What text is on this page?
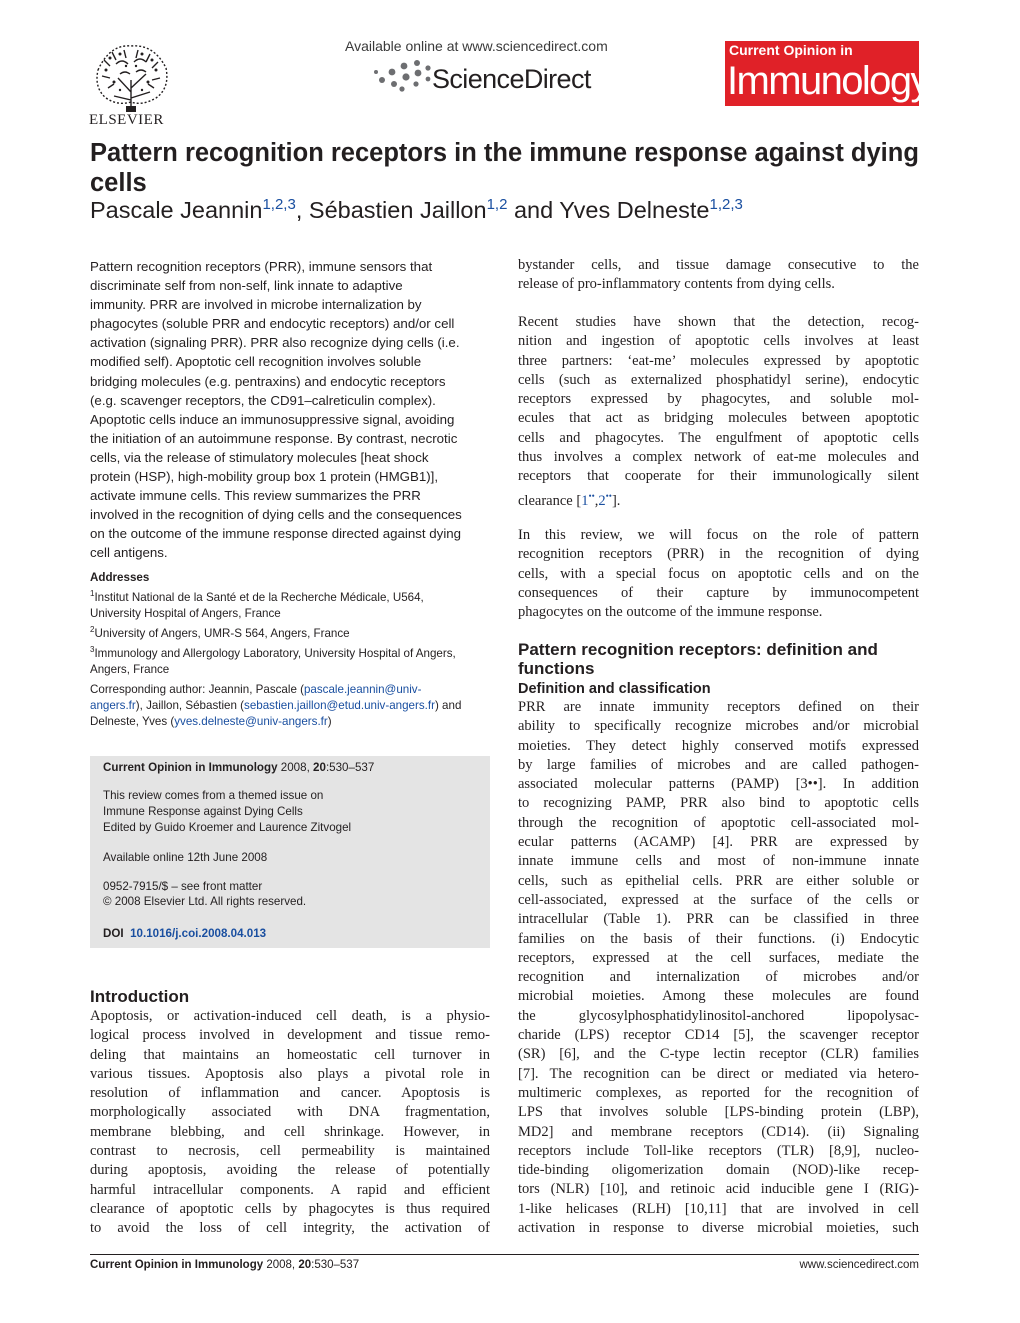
ELSEVIER
Available online at www.sciencedirect.com
ScienceDirect
Current Opinion in
Immunology
Pattern recognition receptors in the immune response against dying cells
Pascale Jeannin$^{1,2,3}$, Sébastien Jaillon$^{1,2}$ and Yves Delneste$^{1,2,3}$
Pattern recognition receptors (PRR), immune sensors that
discriminate self from non-self, link innate to adaptive
immunity. PRR are involved in microbe internalization by
phagocytes (soluble PRR and endocytic receptors) and/or cell
activation (signaling PRR). PRR also recognize dying cells (i.e.
modified self). Apoptotic cell recognition involves soluble
bridging molecules (e.g. pentraxins) and endocytic receptors
(e.g. scavenger receptors, the CD91–calreticulin complex).
Apoptotic cells induce an immunosuppressive signal, avoiding
the initiation of an autoimmune response. By contrast, necrotic
cells, via the release of stimulatory molecules [heat shock
protein (HSP), high-mobility group box 1 protein (HMGB1)],
activate immune cells. This review summarizes the PRR
involved in the recognition of dying cells and the consequences
on the outcome of the immune response directed against dying
cell antigens.
Addresses
$^1$Institut National de la Santé et de la Recherche Médicale, U564,
University Hospital of Angers, France
$^2$University of Angers, UMR-S 564, Angers, France
$^3$Immunology and Allergology Laboratory, University Hospital of Angers,
Angers, France
Corresponding author: Jeannin, Pascale (pascale.jeannin@univ-
angers.fr), Jaillon, Sébastien (sebastien.jaillon@etud.univ-angers.fr) and
Delneste, Yves (yves.delneste@univ-angers.fr)
Current Opinion in Immunology 2008, 20:530–537
This review comes from a themed issue on
Immune Response against Dying Cells
Edited by Guido Kroemer and Laurence Zitvogel
Available online 12th June 2008
0952-7915/$ – see front matter
© 2008 Elsevier Ltd. All rights reserved.
DOI 10.1016/j.coi.2008.04.013
Introduction
Apoptosis, or activation-induced cell death, is a physio-
logical process involved in development and tissue remo-
deling that maintains an homeostatic cell turnover in
various tissues. Apoptosis also plays a pivotal role in
resolution of inflammation and cancer. Apoptosis is
morphologically associated with DNA fragmentation,
membrane blebbing, and cell shrinkage. However, in
contrast to necrosis, cell permeability is maintained
during apoptosis, avoiding the release of potentially
harmful intracellular components. A rapid and efficient
clearance of apoptotic cells by phagocytes is thus required
to avoid the loss of cell integrity, the activation of
bystander cells, and tissue damage consecutive to the
release of pro-inflammatory contents from dying cells.
Recent studies have shown that the detection, recog-
nition and ingestion of apoptotic cells involves at least
three partners: ‘eat-me’ molecules expressed by apoptotic
cells (such as externalized phosphatidyl serine), endocytic
receptors expressed by phagocytes, and soluble mol-
ecules that act as bridging molecules between apoptotic
cells and phagocytes. The engulfment of apoptotic cells
thus involves a complex network of eat-me molecules and
receptors that cooperate for their immunologically silent
clearance [1••,2••].
In this review, we will focus on the role of pattern
recognition receptors (PRR) in the recognition of dying
cells, with a special focus on apoptotic cells and on the
consequences of their capture by immunocompetent
phagocytes on the outcome of the immune response.
Pattern recognition receptors: definition and functions
Definition and classification
PRR are innate immunity receptors defined on their
ability to specifically recognize microbes and/or microbial
moieties. They detect highly conserved motifs expressed
by large families of microbes and are called pathogen-
associated molecular patterns (PAMP) [3••]. In addition
to recognizing PAMP, PRR also bind to apoptotic cells
through the recognition of apoptotic cell-associated mol-
ecular patterns (ACAMP) [4]. PRR are expressed by
innate immune cells and most of non-immune innate
cells, such as epithelial cells. PRR are either soluble or
cell-associated, expressed at the surface of the cells or
intracellular (Table 1). PRR can be classified in three
families on the basis of their functions. (i) Endocytic
receptors, expressed at the cell surfaces, mediate the
recognition and internalization of microbes and/or
microbial moieties. Among these molecules are found
the glycosylphosphatidylinositol-anchored lipopolysac-
charide (LPS) receptor CD14 [5], the scavenger receptor
(SR) [6], and the C-type lectin receptor (CLR) families
[7]. The recognition can be direct or mediated via hetero-
multimeric complexes, as reported for the recognition of
LPS that involves soluble [LPS-binding protein (LBP),
MD2] and membrane receptors (CD14). (ii) Signaling
receptors include Toll-like receptors (TLR) [8,9], nucleo-
tide-binding oligomerization domain (NOD)-like recep-
tors (NLR) [10], and retinoic acid inducible gene I (RIG)-
1-like helicases (RLH) [10,11] that are involved in cell
activation in response to diverse microbial moieties, such
Current Opinion in Immunology 2008, 20:530–537	www.sciencedirect.com
